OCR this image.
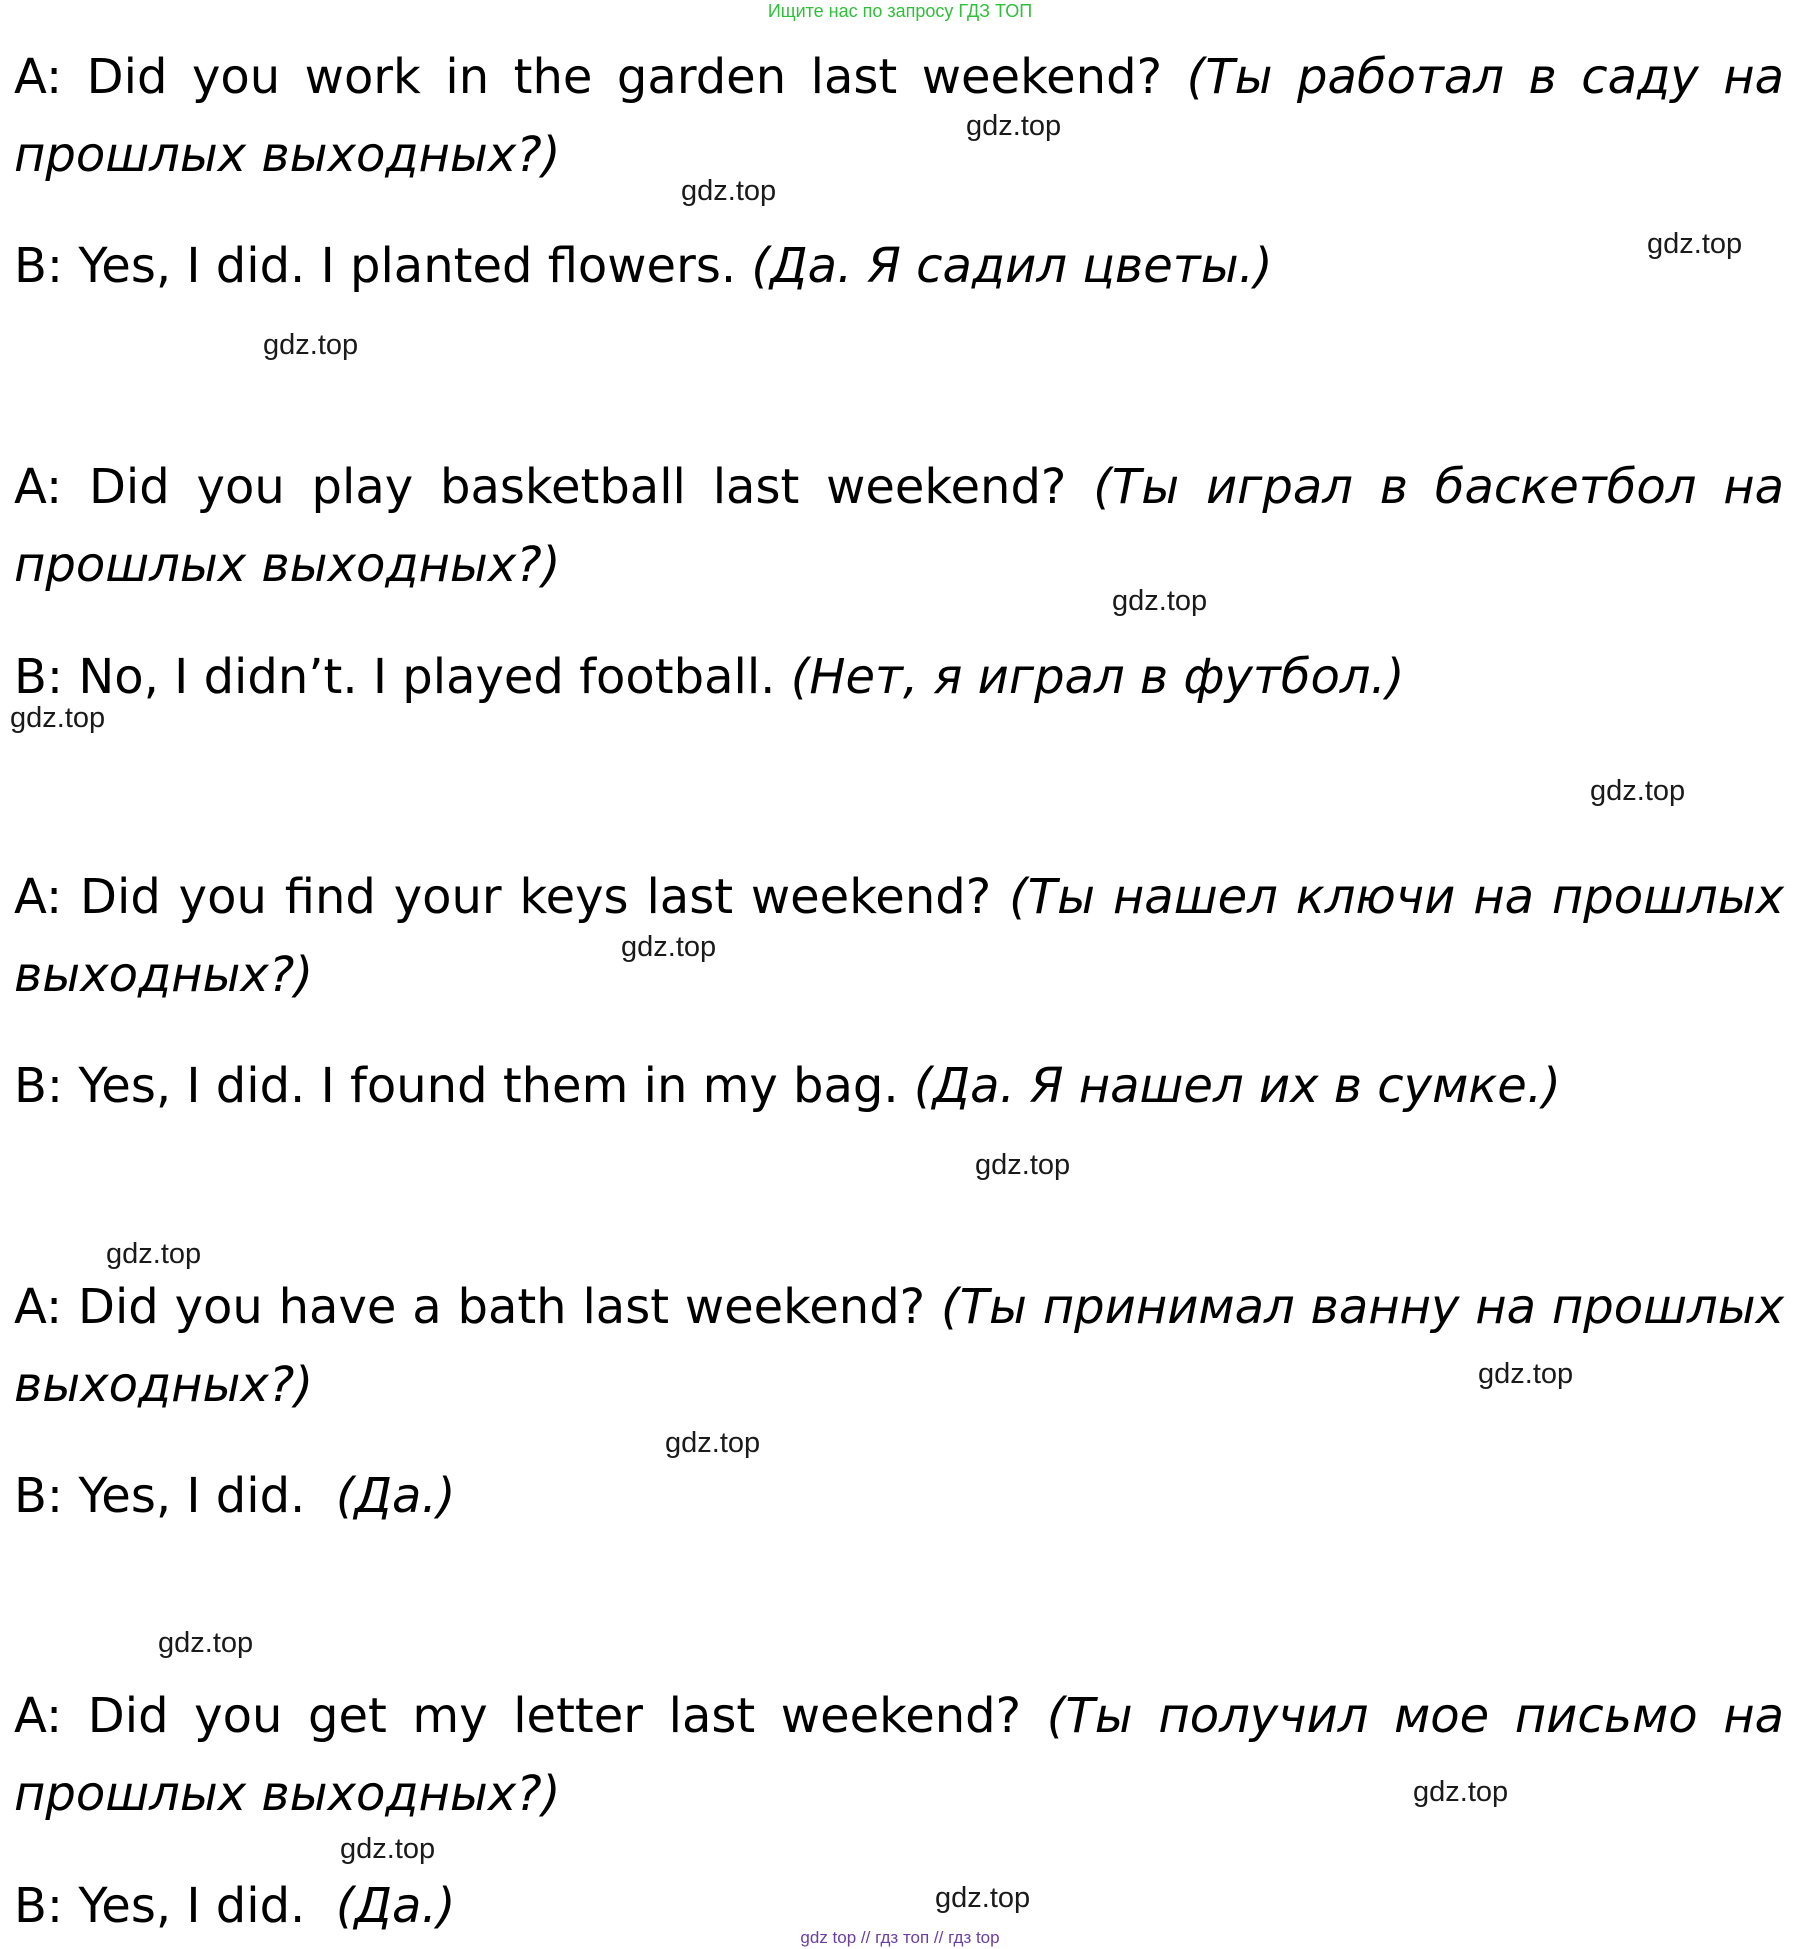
Ищите нас по запросу ГДЗ ТОП
A: Did you work in the garden last weekend? (Ты работал в саду на
прошлых выходных?)
B: Yes, I did. I planted flowers. (Да. Я садил цветы.)
A: Did you play basketball last weekend? (Ты играл в баскетбол на
прошлых выходных?)
B: No, I didn’t. I played football. (Нет, я играл в футбол.)
A: Did you find your keys last weekend? (Ты нашел ключи на прошлых
выходных?)
B: Yes, I did. I found them in my bag. (Да. Я нашел их в сумке.)
A: Did you have a bath last weekend? (Ты принимал ванну на прошлых
выходных?)
B: Yes, I did. (Да.)
A: Did you get my letter last weekend? (Ты получил мое письмо на
прошлых выходных?)
B: Yes, I did. (Да.)
gdz.top
gdz.top
gdz.top
gdz.top
gdz.top
gdz.top
gdz.top
gdz.top
gdz.top
gdz.top
gdz.top
gdz.top
gdz.top
gdz.top
gdz.top
gdz.top
gdz top // гдз топ // гдз top
